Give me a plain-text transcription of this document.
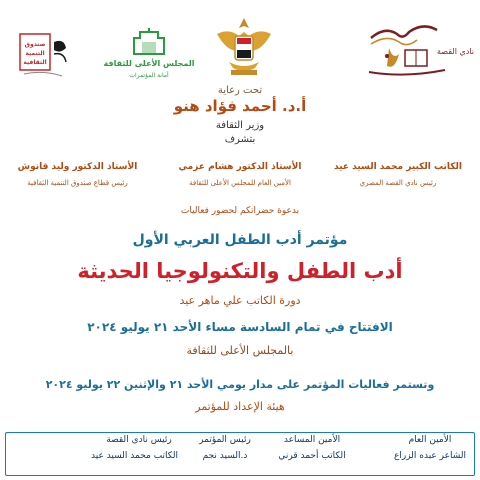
نادي القصة
المجلس الأعلى للثقافة
أمانة المؤتمرات
صندوق
التنمية
الثقافية
تحت رعاية
أ.د. أحمد فؤاد هنو
وزير الثقافة
بتشرف
الكاتب الكبير محمد السيد عيد
رئيس نادي القصة المصري
الأستاذ الدكتور هشام عزمي
الأمين العام للمجلس الأعلى للثقافة
الأستاذ الدكتور وليد قانوش
رئيس قطاع صندوق التنمية الثقافية
بدعوة حضراتكم لحضور فعاليات
مؤتمر أدب الطفل العربي الأول
أدب الطفل والتكنولوجيا الحديثة
دورة الكاتب علي ماهر عيد
الافتتاح في تمام السادسة مساء الأحد ٢١ يوليو ٢٠٢٤
بالمجلس الأعلى للثقافة
وتستمر فعاليات المؤتمر على مدار يومي الأحد ٢١ والإثنين ٢٢ يوليو ٢٠٢٤
هيئة الإعداد للمؤتمر
الأمين العام
الشاعر عبده الزراع
الأمين المساعد
الكاتب أحمد قرني
رئيس المؤتمر
د.السيد نجم
رئيس نادي القصة
الكاتب محمد السيد عيد
